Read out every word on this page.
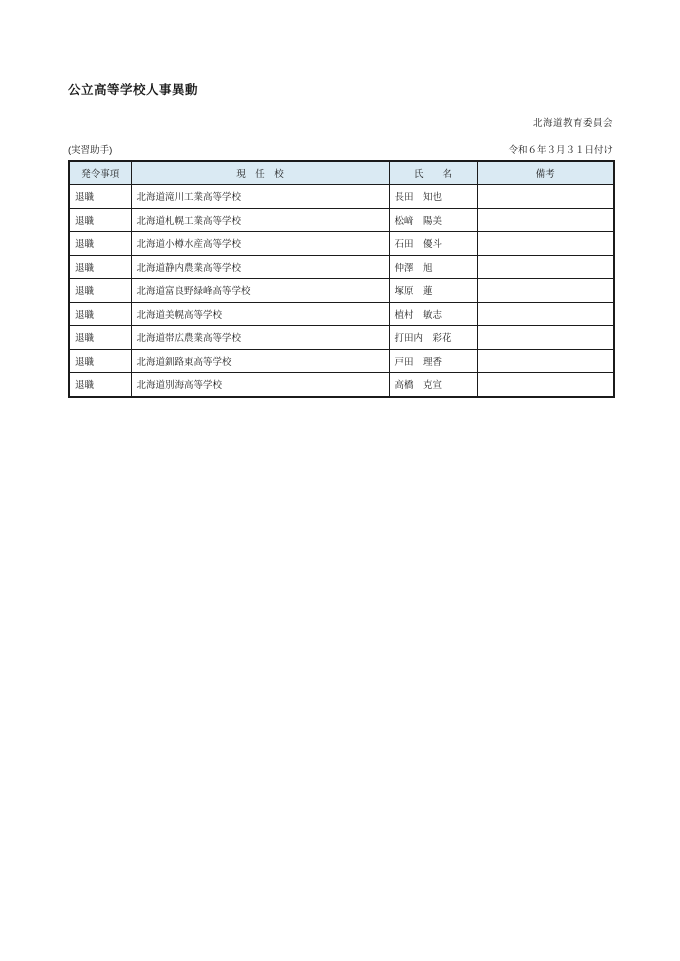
公立高等学校人事異動
北海道教育委員会
(実習助手)	令和６年３月３１日付け
発令事項	現　任　校	氏　　名	備考
退職	北海道滝川工業高等学校	長田　知也	
退職	北海道札幌工業高等学校	松﨑　陽美	
退職	北海道小樽水産高等学校	石田　優斗	
退職	北海道静内農業高等学校	仲澤　旭	
退職	北海道富良野緑峰高等学校	塚原　蓮	
退職	北海道美幌高等学校	植村　敏志	
退職	北海道帯広農業高等学校	打田内　彩花	
退職	北海道釧路東高等学校	戸田　理香	
退職	北海道別海高等学校	高橋　克宣	
